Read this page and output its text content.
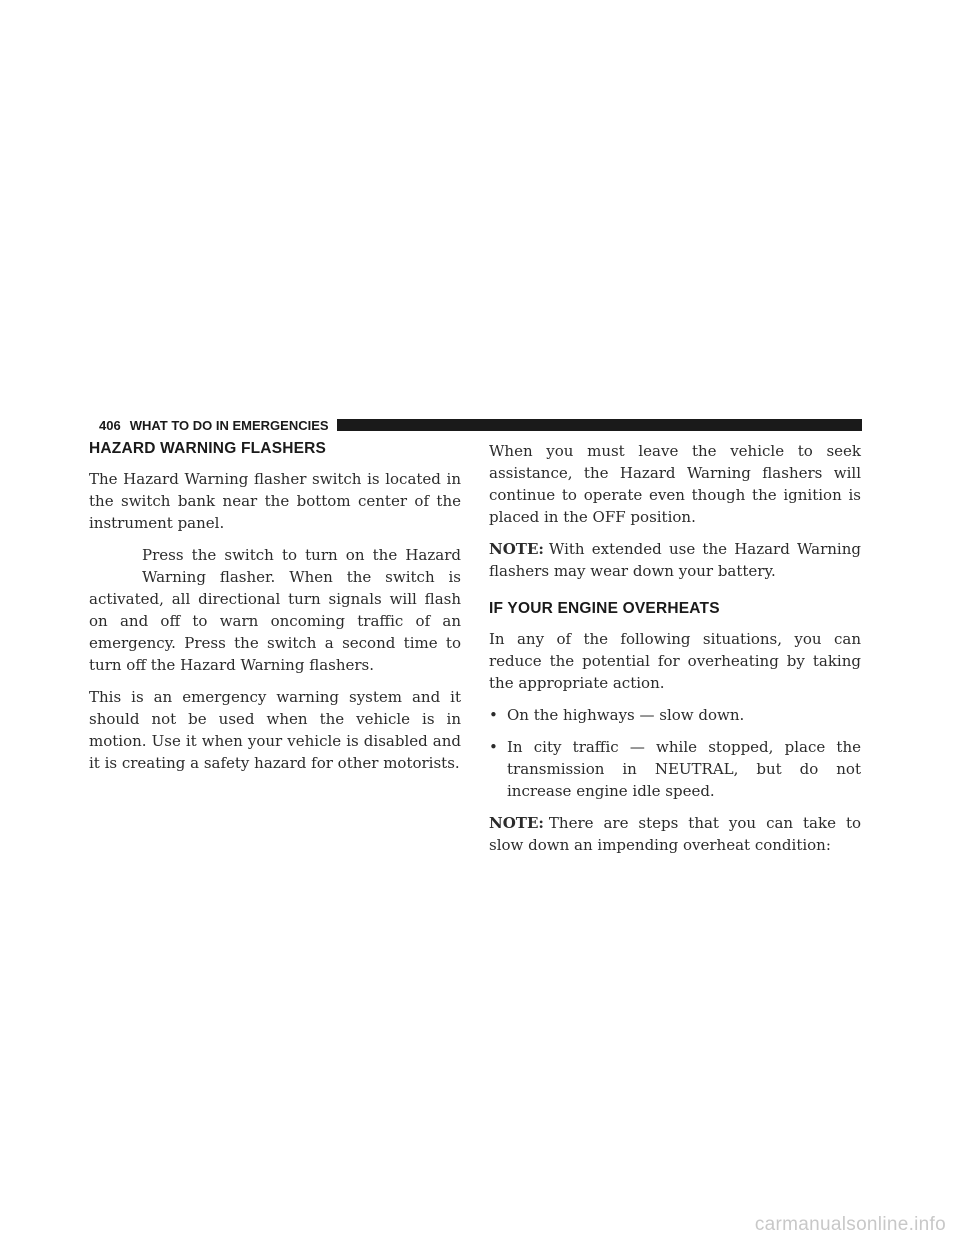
406 WHAT TO DO IN EMERGENCIES
HAZARD WARNING FLASHERS

The Hazard Warning flasher switch is located in the switch bank near the bottom center of the instrument panel.

Press the switch to turn on the Hazard Warning flasher. When the switch is activated, all directional turn signals will flash on and off to warn oncoming traffic of an emergency. Press the switch a second time to turn off the Hazard Warning flashers.

This is an emergency warning system and it should not be used when the vehicle is in motion. Use it when your vehicle is disabled and it is creating a safety hazard for other motorists.

When you must leave the vehicle to seek assistance, the Hazard Warning flashers will continue to operate even though the ignition is placed in the OFF position.

NOTE: With extended use the Hazard Warning flashers may wear down your battery.

IF YOUR ENGINE OVERHEATS

In any of the following situations, you can reduce the potential for overheating by taking the appropriate action.

• On the highways — slow down.
• In city traffic — while stopped, place the transmission in NEUTRAL, but do not increase engine idle speed.

NOTE: There are steps that you can take to slow down an impending overheat condition:

carmanualsonline.info
